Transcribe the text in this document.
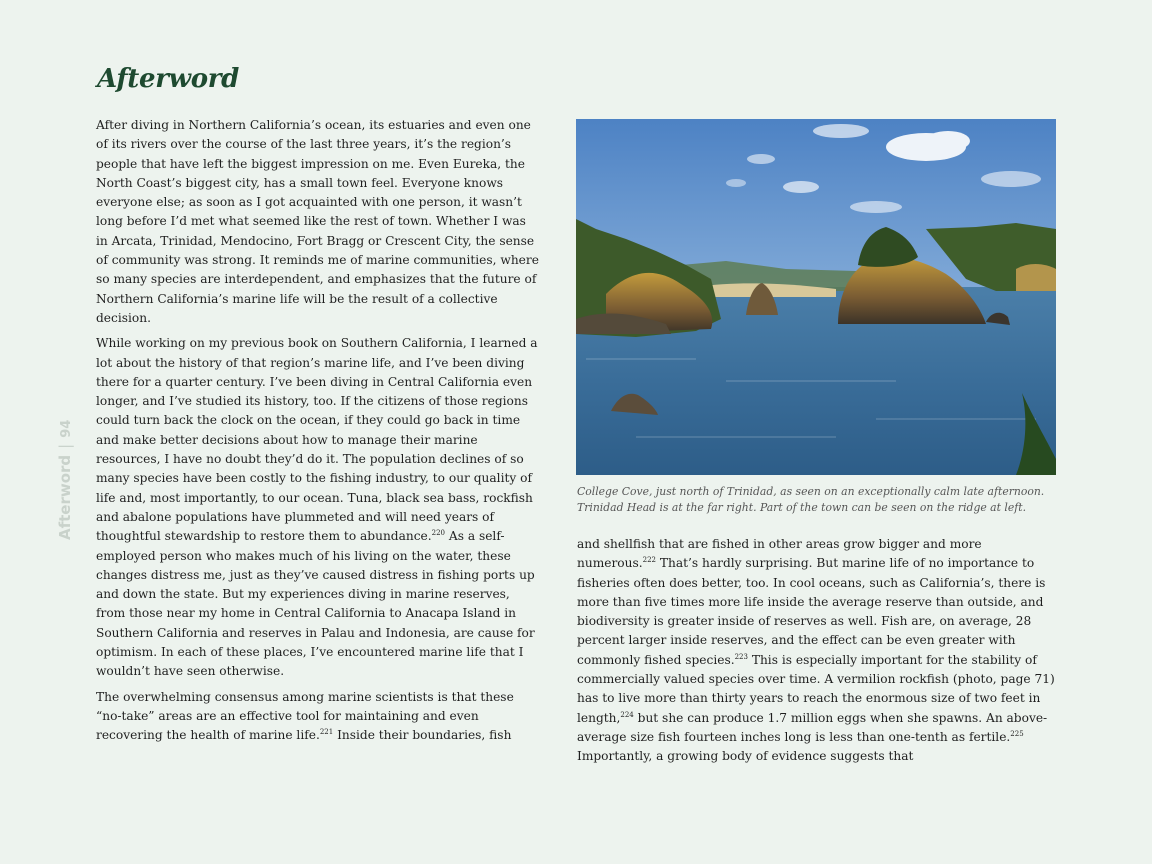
Afterword
Afterword|94

After diving in Northern California’s ocean, its estuaries and even one of its rivers over the course of the last three years, it’s the region’s people that have left the biggest impression on me. Even Eureka, the North Coast’s biggest city, has a small town feel. Everyone knows everyone else; as soon as I got acquainted with one person, it wasn’t long before I’d met what seemed like the rest of town. Whether I was in Arcata, Trinidad, Mendocino, Fort Bragg or Crescent City, the sense of community was strong. It reminds me of marine communities, where so many species are interdependent, and emphasizes that the future of Northern California’s marine life will be the result of a collective decision.

While working on my previous book on Southern California, I learned a lot about the history of that region’s marine life, and I’ve been diving there for a quarter century. I’ve been diving in Central California even longer, and I’ve studied its history, too. If the citizens of those regions could turn back the clock on the ocean, if they could go back in time and make better decisions about how to manage their marine resources, I have no doubt they’d do it. The population declines of so many species have been costly to the fishing industry, to our quality of life and, most importantly, to our ocean. Tuna, black sea bass, rockfish and abalone populations have plummeted and will need years of thoughtful stewardship to restore them to abundance.$^{220}$ As a self-employed person who makes much of his living on the water, these changes distress me, just as they’ve caused distress in fishing ports up and down the state. But my experiences diving in marine reserves, from those near my home in Central California to Anacapa Island in Southern California and reserves in Palau and Indonesia, are cause for optimism. In each of these places, I’ve encountered marine life that I wouldn’t have seen otherwise.

The overwhelming consensus among marine scientists is that these “no-take” areas are an effective tool for maintaining and even recovering the health of marine life.$^{221}$ Inside their boundaries, fish

College Cove, just north of Trinidad, as seen on an exceptionally calm late afternoon. Trinidad Head is at the far right. Part of the town can be seen on the ridge at left.

and shellfish that are fished in other areas grow bigger and more numerous.$^{222}$ That’s hardly surprising. But marine life of no importance to fisheries often does better, too. In cool oceans, such as California’s, there is more than five times more life inside the average reserve than outside, and biodiversity is greater inside of reserves as well. Fish are, on average, 28 percent larger inside reserves, and the effect can be even greater with commonly fished species.$^{223}$ This is especially important for the stability of commercially valued species over time. A vermilion rockfish (photo, page 71) has to live more than thirty years to reach the enormous size of two feet in length,$^{224}$ but she can produce 1.7 million eggs when she spawns. An above-average size fish fourteen inches long is less than one-tenth as fertile.$^{225}$ Importantly, a growing body of evidence suggests that
